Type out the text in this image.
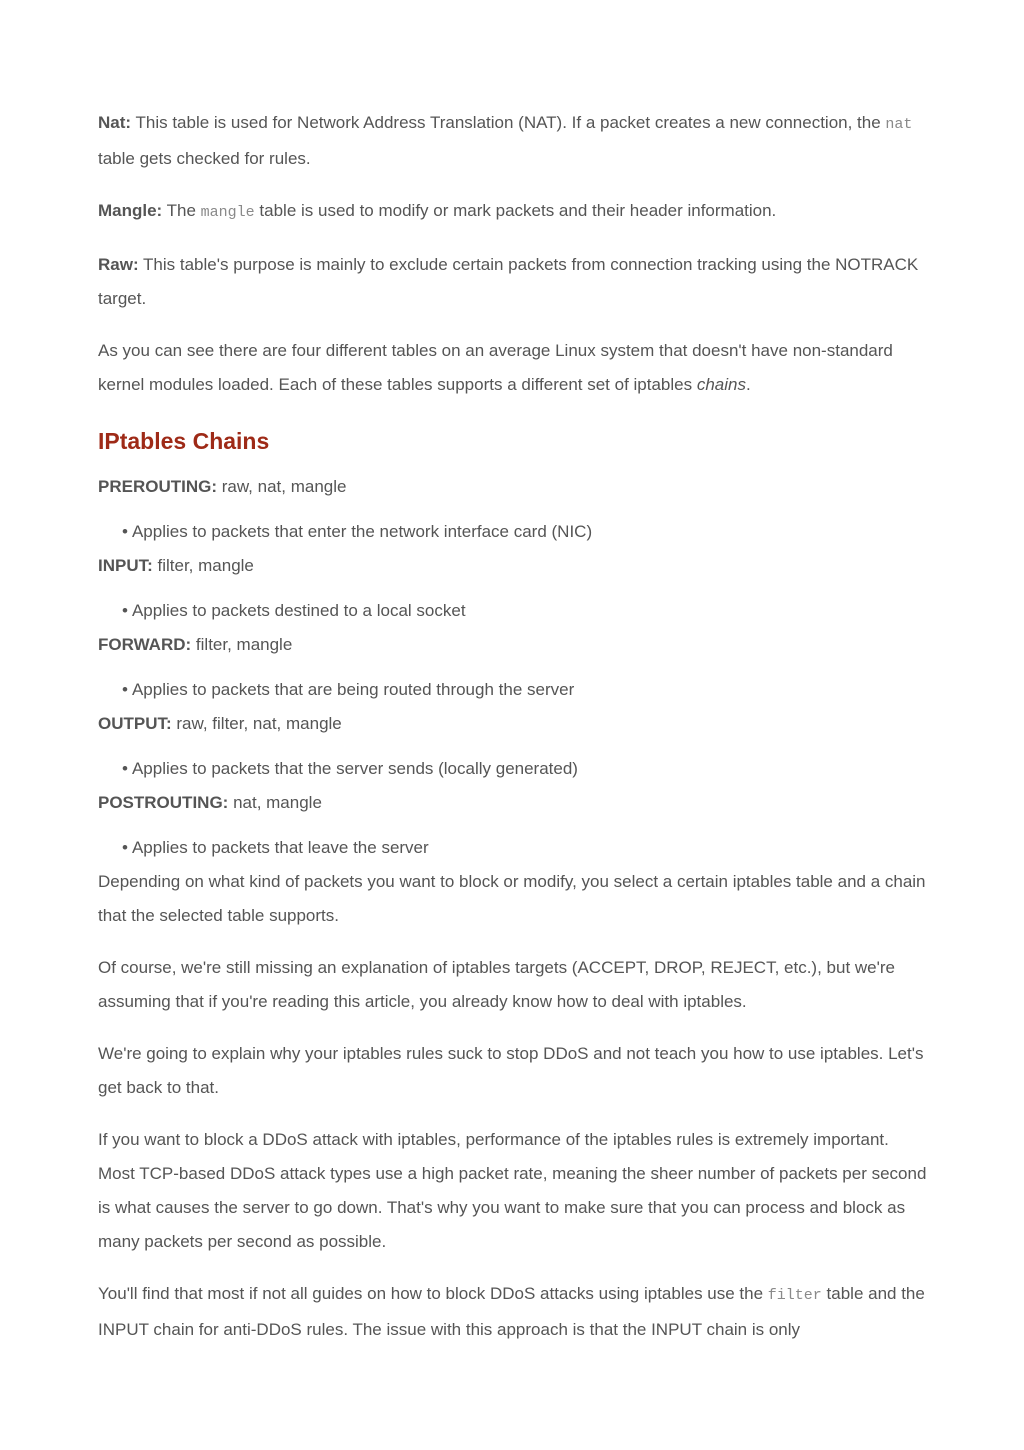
Nat: This table is used for Network Address Translation (NAT). If a packet creates a new connection, the nat table gets checked for rules.

Mangle: The mangle table is used to modify or mark packets and their header information.

Raw: This table's purpose is mainly to exclude certain packets from connection tracking using the NOTRACK target.

As you can see there are four different tables on an average Linux system that doesn't have non-standard kernel modules loaded. Each of these tables supports a different set of iptables chains.

IPtables Chains

PREROUTING: raw, nat, mangle

• Applies to packets that enter the network interface card (NIC)

INPUT: filter, mangle

• Applies to packets destined to a local socket

FORWARD: filter, mangle

• Applies to packets that are being routed through the server

OUTPUT: raw, filter, nat, mangle

• Applies to packets that the server sends (locally generated)

POSTROUTING: nat, mangle

• Applies to packets that leave the server

Depending on what kind of packets you want to block or modify, you select a certain iptables table and a chain that the selected table supports.

Of course, we're still missing an explanation of iptables targets (ACCEPT, DROP, REJECT, etc.), but we're assuming that if you're reading this article, you already know how to deal with iptables.

We're going to explain why your iptables rules suck to stop DDoS and not teach you how to use iptables. Let's get back to that.

If you want to block a DDoS attack with iptables, performance of the iptables rules is extremely important. Most TCP-based DDoS attack types use a high packet rate, meaning the sheer number of packets per second is what causes the server to go down. That's why you want to make sure that you can process and block as many packets per second as possible.

You'll find that most if not all guides on how to block DDoS attacks using iptables use the filter table and the INPUT chain for anti-DDoS rules. The issue with this approach is that the INPUT chain is only
